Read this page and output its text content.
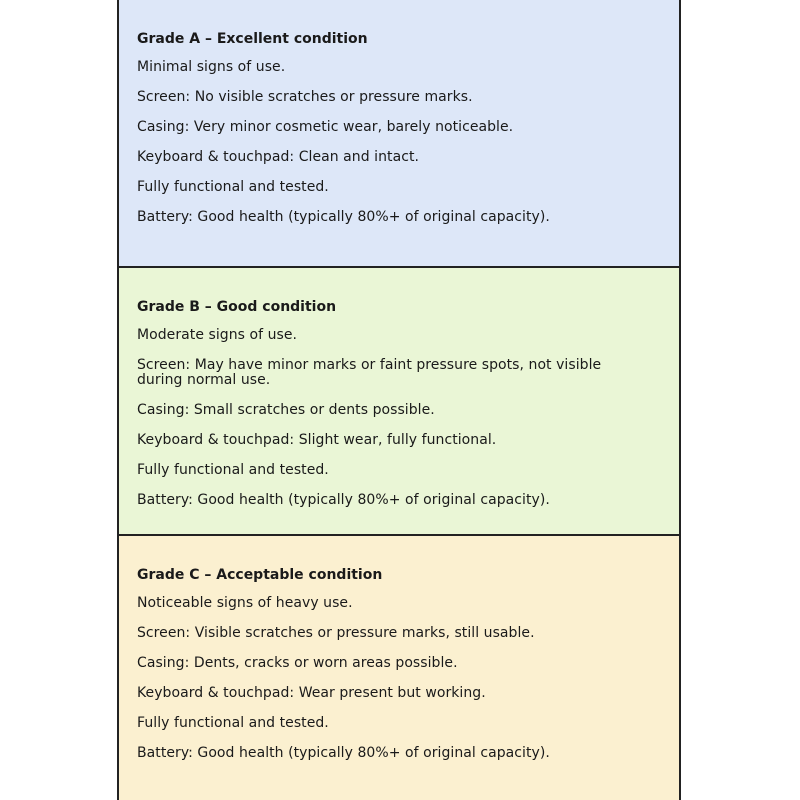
Grade A – Excellent condition

Minimal signs of use.

Screen: No visible scratches or pressure marks.

Casing: Very minor cosmetic wear, barely noticeable.

Keyboard & touchpad: Clean and intact.

Fully functional and tested.

Battery: Good health (typically 80%+ of original capacity).

Grade B – Good condition

Moderate signs of use.

Screen: May have minor marks or faint pressure spots, not visible during normal use.

Casing: Small scratches or dents possible.

Keyboard & touchpad: Slight wear, fully functional.

Fully functional and tested.

Battery: Good health (typically 80%+ of original capacity).

Grade C – Acceptable condition

Noticeable signs of heavy use.

Screen: Visible scratches or pressure marks, still usable.

Casing: Dents, cracks or worn areas possible.

Keyboard & touchpad: Wear present but working.

Fully functional and tested.

Battery: Good health (typically 80%+ of original capacity).
